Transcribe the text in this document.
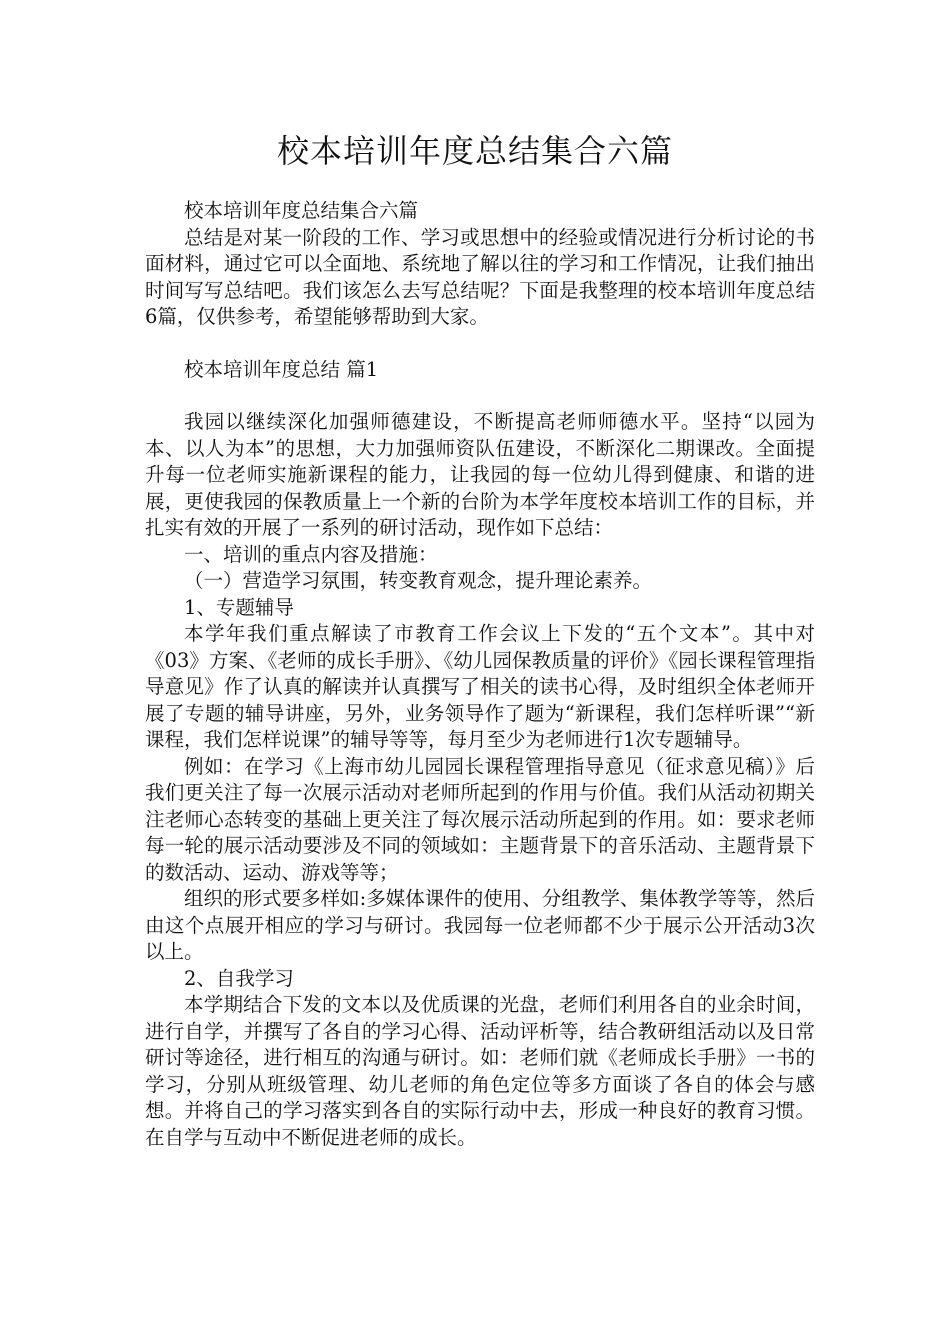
校本培训年度总结集合六篇

校本培训年度总结集合六篇

总结是对某一阶段的工作、学习或思想中的经验或情况进行分析讨论的书面材料，通过它可以全面地、系统地了解以往的学习和工作情况，让我们抽出时间写写总结吧。我们该怎么去写总结呢？下面是我整理的校本培训年度总结6篇，仅供参考，希望能够帮助到大家。

校本培训年度总结 篇1

我园以继续深化加强师德建设，不断提高老师师德水平。坚持“以园为本、以人为本”的思想，大力加强师资队伍建设，不断深化二期课改。全面提升每一位老师实施新课程的能力，让我园的每一位幼儿得到健康、和谐的进展，更使我园的保教质量上一个新的台阶为本学年度校本培训工作的目标，并扎实有效的开展了一系列的研讨活动，现作如下总结：

一、培训的重点内容及措施：

（一）营造学习氛围，转变教育观念，提升理论素养。

1、专题辅导

本学年我们重点解读了市教育工作会议上下发的“五个文本”。其中对《03》方案、《老师的成长手册》、《幼儿园保教质量的评价》《园长课程管理指导意见》作了认真的解读并认真撰写了相关的读书心得，及时组织全体老师开展了专题的辅导讲座，另外，业务领导作了题为“新课程，我们怎样听课”“新课程，我们怎样说课”的辅导等等，每月至少为老师进行1次专题辅导。

例如：在学习《上海市幼儿园园长课程管理指导意见（征求意见稿）》后我们更关注了每一次展示活动对老师所起到的作用与价值。我们从活动初期关注老师心态转变的基础上更关注了每次展示活动所起到的作用。如：要求老师每一轮的展示活动要涉及不同的领域如：主题背景下的音乐活动、主题背景下的数活动、运动、游戏等等；

组织的形式要多样如:多媒体课件的使用、分组教学、集体教学等等，然后由这个点展开相应的学习与研讨。我园每一位老师都不少于展示公开活动3次以上。

2、自我学习

本学期结合下发的文本以及优质课的光盘，老师们利用各自的业余时间，进行自学，并撰写了各自的学习心得、活动评析等，结合教研组活动以及日常研讨等途径，进行相互的沟通与研讨。如：老师们就《老师成长手册》一书的学习，分别从班级管理、幼儿老师的角色定位等多方面谈了各自的体会与感想。并将自己的学习落实到各自的实际行动中去，形成一种良好的教育习惯。在自学与互动中不断促进老师的成长。
